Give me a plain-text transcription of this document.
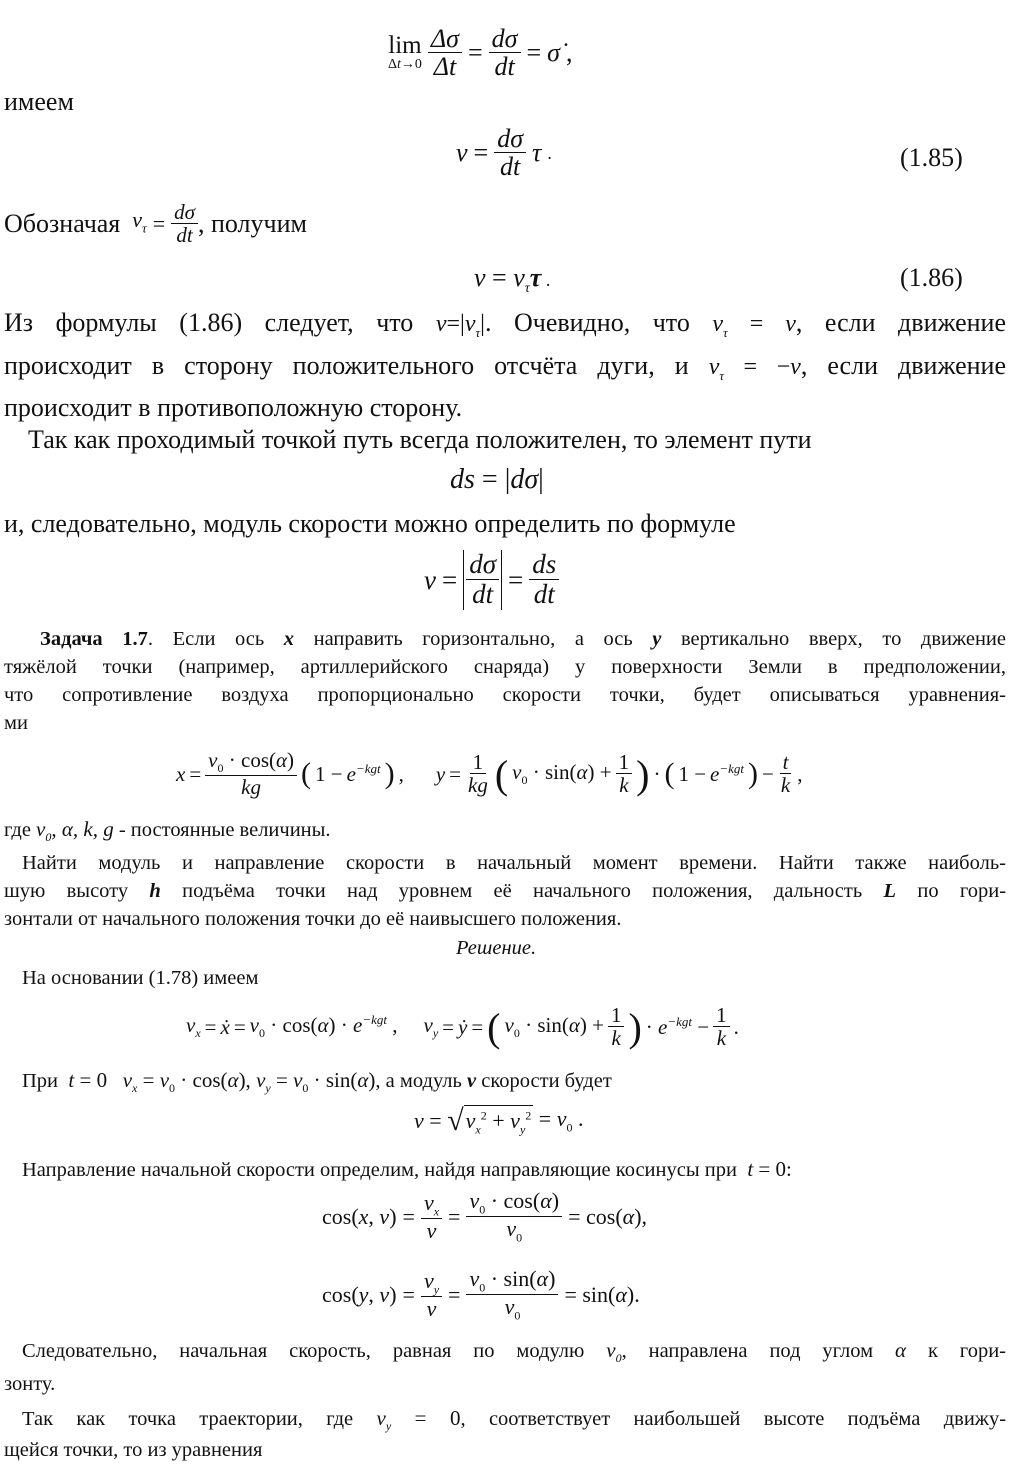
lim
$\Delta t\to 0 \frac{\Delta\sigma}{\Delta t} = \frac{d\sigma}{dt}$ = σ̇ ,
имеем
$v = \frac{d\sigma}{dt}$ τ .	(1.85)
Обозначая $v_\tau = \frac{d\sigma}{dt}$ , получим
$v = v_\tau\tau$ .	(1.86)
Из формулы (1.86) следует, что $v=|v_\tau|$. Очевидно, что $v_\tau = v$, если движение
происходит в сторону положительного отсчёта дуги, и $v_\tau = -v$, если движение
происходит в противоположную сторону.
Так как проходимый точкой путь всегда положителен, то элемент пути
ds = |dσ|
и, следовательно, модуль скорости можно определить по формуле
$v = \frac{d\sigma}{dt} = \frac{ds}{dt}$
Задача 1.7. Если ось x направить горизонтально, а ось y вертикально вверх, то движение
тяжёлой точки (например, артиллерийского снаряда) у поверхности Земли в предположении,
что сопротивление воздуха пропорционально скорости точки, будет описываться уравнения-
ми
$x = \frac{v_0 \cdot \cos(\alpha)}{kg}$ ( $1 - e^{-kgt}$ ) , $y = \frac{1}{kg}$ ( $v_0 \cdot \sin(\alpha) + \frac{1}{k}$ ) · ( $1 - e^{-kgt}$ ) − $\frac{t}{k}$ ,
где $v_0$, α, k, g - постоянные величины.
Найти модуль и направление скорости в начальный момент времени. Найти также наиболь-
шую высоту h подъёма точки над уровнем её начального положения, дальность L по гори-
зонтали от начального положения точки до её наивысшего положения.
Решение.
На основании (1.78) имеем
$v_x$ = ẋ = $v_0 \cdot \cos(\alpha) \cdot e^{-kgt}$ , $v_y$ = ẏ = ( $v_0 \cdot \sin(\alpha) + \frac{1}{k}$ ) · $e^{-kgt} - \frac{1}{k}$ .
При  t = 0   $v_x = v_0 \cdot \cos(\alpha)$, $v_y = v_0 \cdot \sin(\alpha)$, а модуль v скорости будет
v = √ $v_x^2 + v_y^2 = v_0$ .
Направление начальной скорости определим, найдя направляющие косинусы при  t = 0:
cos(x, $v) = \frac{v_x}{v} = \frac{v_0 \cdot \cos(\alpha)}{v_0} = \cos(\alpha)$,
cos(y, $v) = \frac{v_y}{v} = \frac{v_0 \cdot \sin(\alpha)}{v_0} = \sin(\alpha)$.
Следовательно, начальная скорость, равная по модулю $v_0$, направлена под углом α к гори-
зонту.
Так как точка траектории, где $v_y = 0$, соответствует наибольшей высоте подъёма движу-
щейся точки, то из уравнения
